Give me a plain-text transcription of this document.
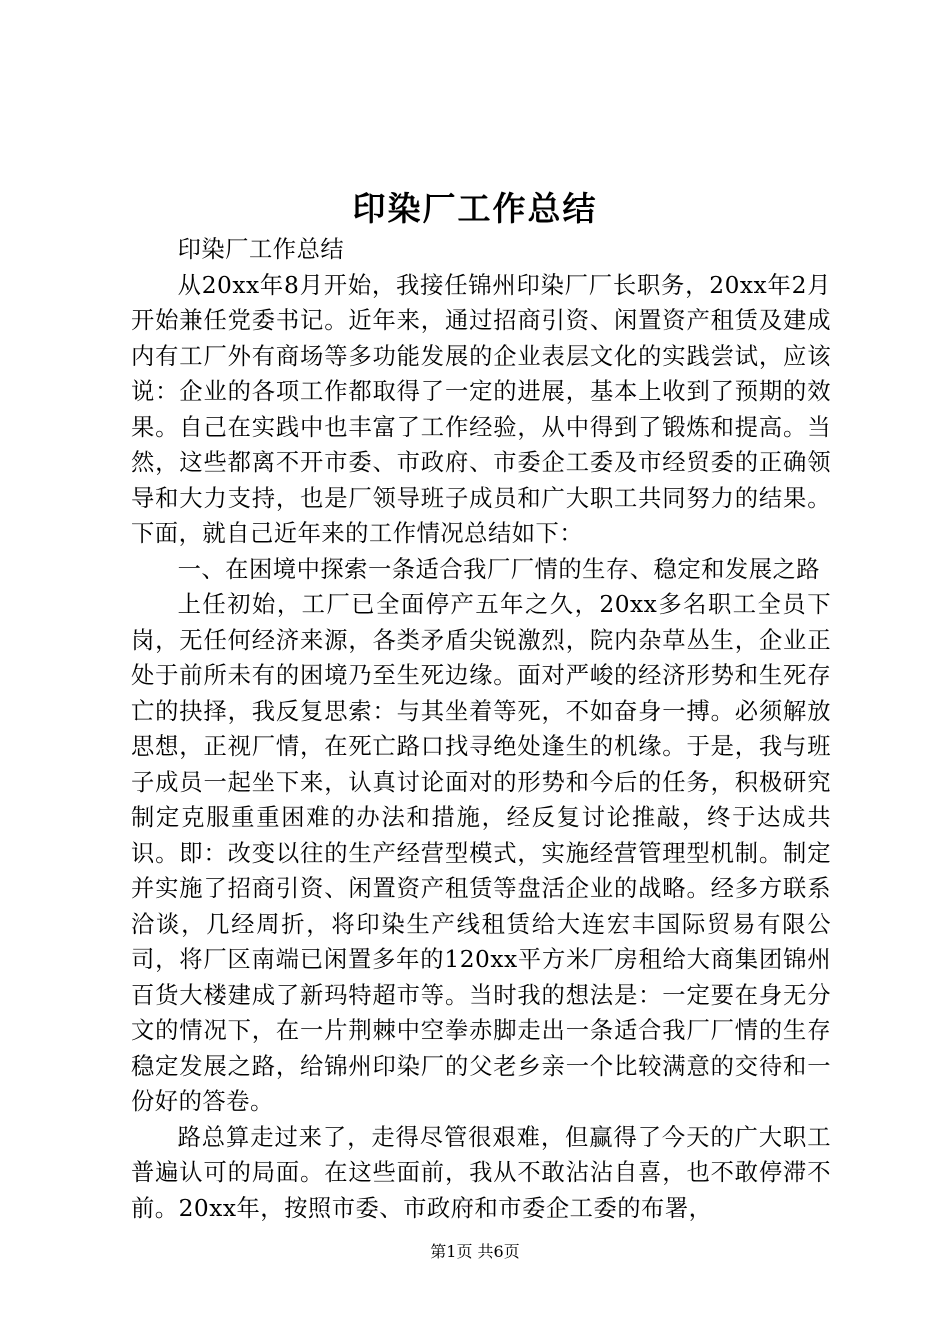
印染厂工作总结

印染厂工作总结

从20xx年8月开始，我接任锦州印染厂厂长职务，20xx年2月开始兼任党委书记。近年来，通过招商引资、闲置资产租赁及建成内有工厂外有商场等多功能发展的企业表层文化的实践尝试，应该说：企业的各项工作都取得了一定的进展，基本上收到了预期的效果。自己在实践中也丰富了工作经验，从中得到了锻炼和提高。当然，这些都离不开市委、市政府、市委企工委及市经贸委的正确领导和大力支持，也是厂领导班子成员和广大职工共同努力的结果。下面，就自己近年来的工作情况总结如下：

一、在困境中探索一条适合我厂厂情的生存、稳定和发展之路

上任初始，工厂已全面停产五年之久，20xx多名职工全员下岗，无任何经济来源，各类矛盾尖锐激烈，院内杂草丛生，企业正处于前所未有的困境乃至生死边缘。面对严峻的经济形势和生死存亡的抉择，我反复思索：与其坐着等死，不如奋身一搏。必须解放思想，正视厂情，在死亡路口找寻绝处逢生的机缘。于是，我与班子成员一起坐下来，认真讨论面对的形势和今后的任务，积极研究制定克服重重困难的办法和措施，经反复讨论推敲，终于达成共识。即：改变以往的生产经营型模式，实施经营管理型机制。制定并实施了招商引资、闲置资产租赁等盘活企业的战略。经多方联系洽谈，几经周折，将印染生产线租赁给大连宏丰国际贸易有限公司，将厂区南端已闲置多年的120xx平方米厂房租给大商集团锦州百货大楼建成了新玛特超市等。当时我的想法是：一定要在身无分文的情况下，在一片荆棘中空拳赤脚走出一条适合我厂厂情的生存稳定发展之路，给锦州印染厂的父老乡亲一个比较满意的交待和一份好的答卷。

路总算走过来了，走得尽管很艰难，但赢得了今天的广大职工普遍认可的局面。在这些面前，我从不敢沾沾自喜，也不敢停滞不前。20xx年，按照市委、市政府和市委企工委的布署，

第1页 共6页
